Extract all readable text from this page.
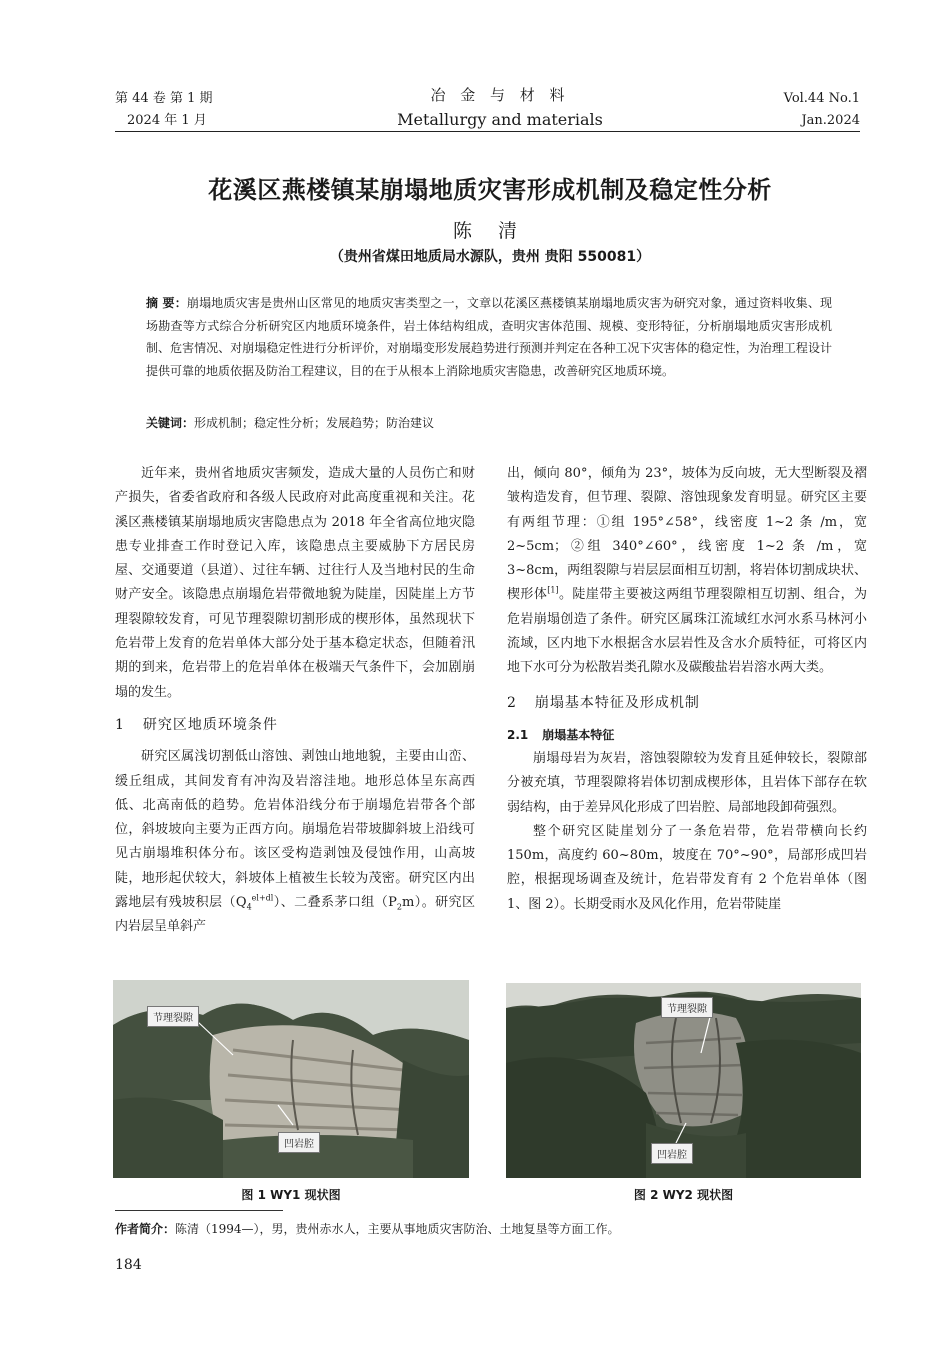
第 44 卷 第 1 期
2024 年 1 月
冶 金 与 材 料
Metallurgy and materials
Vol.44 No.1
Jan.2024
花溪区燕楼镇某崩塌地质灾害形成机制及稳定性分析
陈 清
（贵州省煤田地质局水源队，贵州 贵阳 550081）
摘 要：崩塌地质灾害是贵州山区常见的地质灾害类型之一，文章以花溪区燕楼镇某崩塌地质灾害为研究对象，通过资料收集、现场勘查等方式综合分析研究区内地质环境条件，岩土体结构组成，查明灾害体范围、规模、变形特征，分析崩塌地质灾害形成机制、危害情况、对崩塌稳定性进行分析评价，对崩塌变形发展趋势进行预测并判定在各种工况下灾害体的稳定性，为治理工程设计提供可靠的地质依据及防治工程建议，目的在于从根本上消除地质灾害隐患，改善研究区地质环境。
关键词：形成机制；稳定性分析；发展趋势；防治建议

近年来，贵州省地质灾害频发，造成大量的人员伤亡和财产损失，省委省政府和各级人民政府对此高度重视和关注。花溪区燕楼镇某崩塌地质灾害隐患点为 2018 年全省高位地灾隐患专业排查工作时登记入库，该隐患点主要威胁下方居民房屋、交通要道（县道）、过往车辆、过往行人及当地村民的生命财产安全。该隐患点崩塌危岩带微地貌为陡崖，因陡崖上方节理裂隙较发育，可见节理裂隙切割形成的楔形体，虽然现状下危岩带上发育的危岩单体大部分处于基本稳定状态，但随着汛期的到来，危岩带上的危岩单体在极端天气条件下，会加剧崩塌的发生。

1 研究区地质环境条件

研究区属浅切割低山溶蚀、剥蚀山地地貌，主要由山峦、缓丘组成，其间发育有冲沟及岩溶洼地。地形总体呈东高西低、北高南低的趋势。危岩体沿线分布于崩塌危岩带各个部位，斜坡坡向主要为正西方向。崩塌危岩带坡脚斜坡上沿线可见古崩塌堆积体分布。该区受构造剥蚀及侵蚀作用，山高坡陡，地形起伏较大，斜坡体上植被生长较为茂密。研究区内出露地层有残坡积层$(Q_4^{el+dl})$、二叠系茅口组$(P_2m)$。研究区内岩层呈单斜产

出，倾向 80°，倾角为 23°，坡体为反向坡，无大型断裂及褶皱构造发育，但节理、裂隙、溶蚀现象发育明显。研究区主要有两组节理：①组 195°∠58°，线密度 1~2 条 /m，宽 2~5cm；②组 340°∠60°，线密度 1~2 条 /m，宽3~8cm，两组裂隙与岩层层面相互切割，将岩体切割成块状、楔形体[1]。陡崖带主要被这两组节理裂隙相互切割、组合，为危岩崩塌创造了条件。研究区属珠江流域红水河水系马林河小流域，区内地下水根据含水层岩性及含水介质特征，可将区内地下水可分为松散岩类孔隙水及碳酸盐岩岩溶水两大类。

2 崩塌基本特征及形成机制
2.1 崩塌基本特征

崩塌母岩为灰岩，溶蚀裂隙较为发育且延伸较长，裂隙部分被充填，节理裂隙将岩体切割成楔形体，且岩体下部存在软弱结构，由于差异风化形成了凹岩腔、局部地段卸荷强烈。

整个研究区陡崖划分了一条危岩带，危岩带横向长约 150m，高度约 60~80m，坡度在 70°~90°，局部形成凹岩腔，根据现场调查及统计，危岩带发育有 2 个危岩单体（图 1、图 2）。长期受雨水及风化作用，危岩带陡崖

节理裂隙
凹岩腔
图 1 WY1 现状图
节理裂隙
凹岩腔
图 2 WY2 现状图
作者简介：陈清（1994—），男，贵州赤水人，主要从事地质灾害防治、土地复垦等方面工作。
184
